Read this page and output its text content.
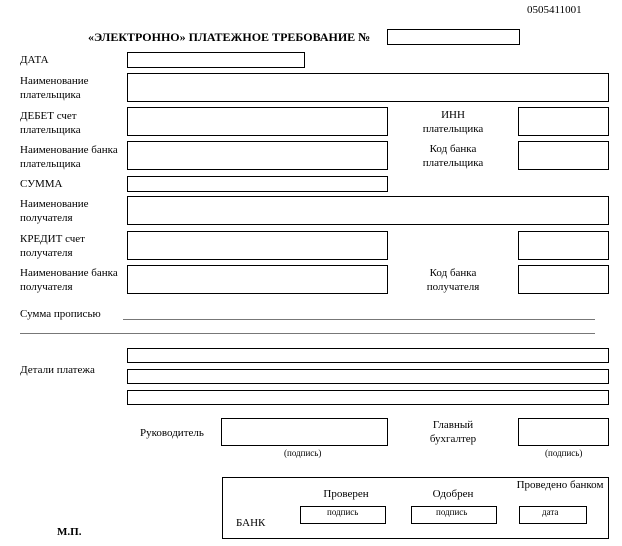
0505411001
«ЭЛЕКТРОННО» ПЛАТЕЖНОЕ ТРЕБОВАНИЕ №
ДАТА
Наименование плательщика
ДЕБЕТ счет плательщика
ИНН плательщика
Наименование банка плательщика
Код банка плательщика
СУММА
Наименование получателя
КРЕДИТ счет получателя
Наименование банка получателя
Код банка получателя
Сумма прописью
Детали платежа
Руководитель
(подпись)
Главный бухгалтер
(подпись)
БАНК
Проверен	Одобрен
Проведено банком
подпись	подпись	дата
М.П.
